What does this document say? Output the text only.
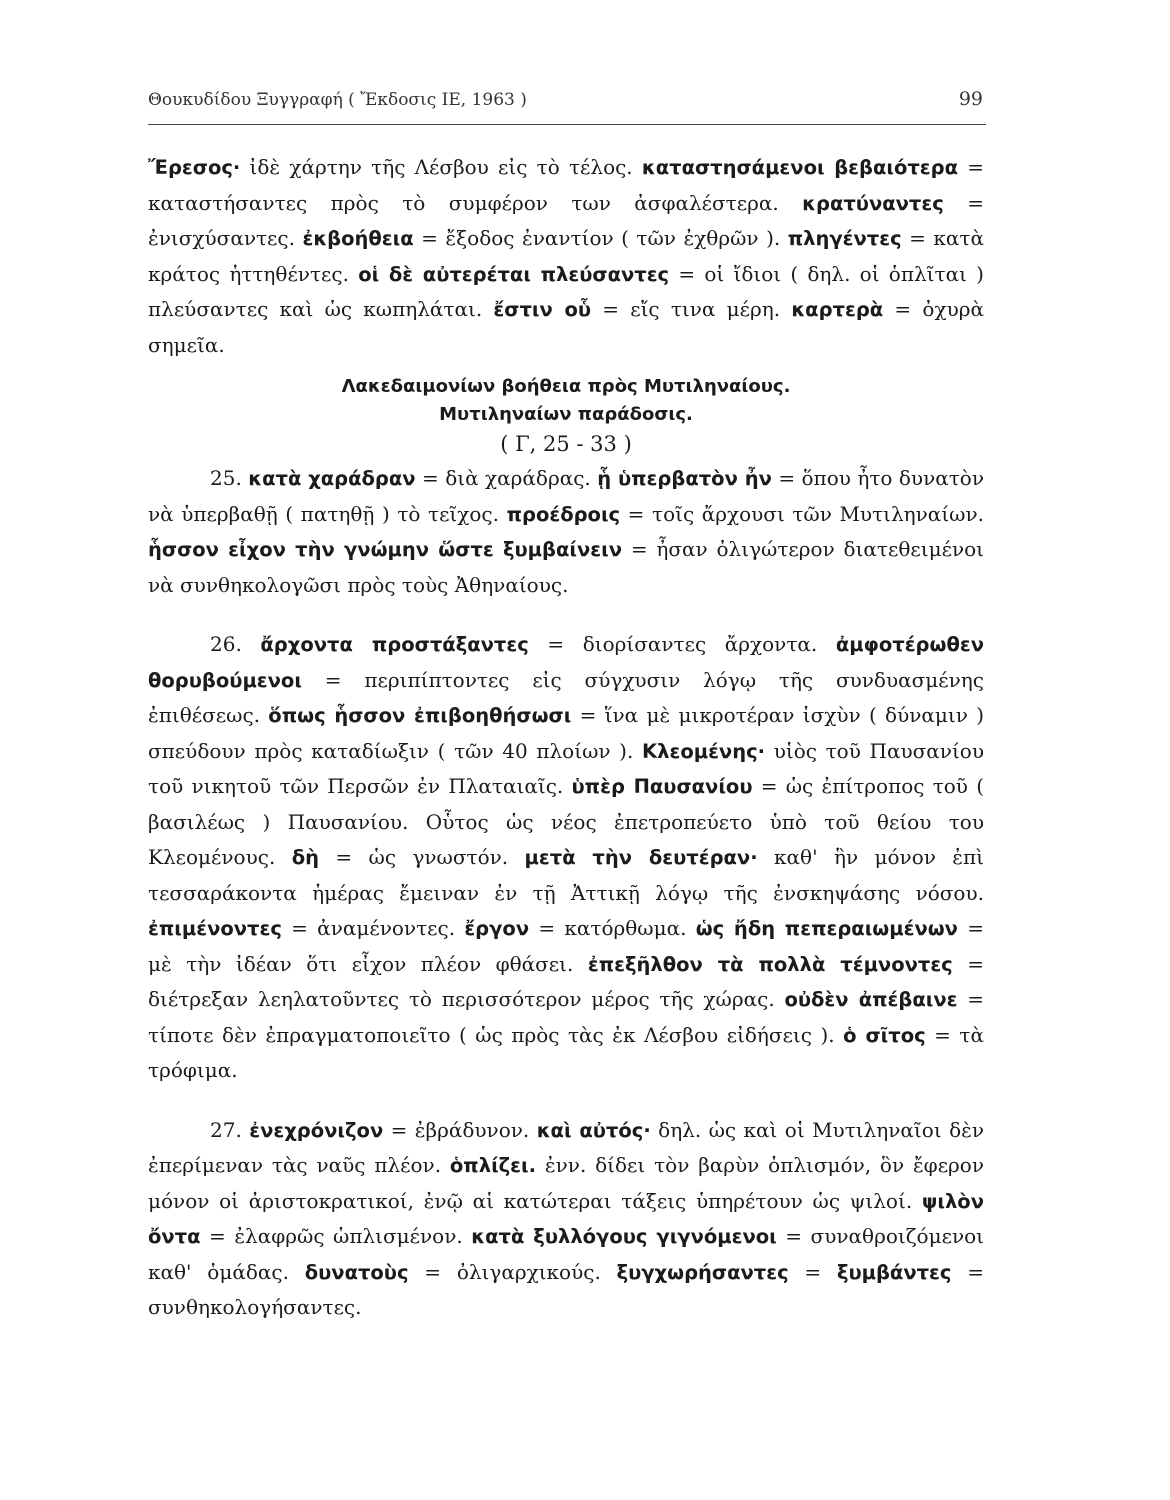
Θουκυδίδου Ξυγγραφή ( Ἔκδοσις ΙΕ, 1963 )	99

Ἔρεσος· ἰδὲ χάρτην τῆς Λέσβου εἰς τὸ τέλος. καταστησάμενοι βεβαιότερα = καταστήσαντες πρὸς τὸ συμφέρον των ἀσφαλέστερα. κρατύναντες = ἐνισχύσαντες. ἐκβοήθεια = ἔξοδος ἐναντίον ( τῶν ἐχθρῶν ). πληγέντες = κατὰ κράτος ἡττηθέντες. οἱ δὲ αὐτερέται πλεύσαντες = οἱ ἴδιοι ( δηλ. οἱ ὁπλῖται ) πλεύσαντες καὶ ὡς κωπηλάται. ἔστιν οὗ = εἴς τινα μέρη. καρτερὰ = ὀχυρὰ σημεῖα.

Λακεδαιμονίων βοήθεια πρὸς Μυτιληναίους.

Μυτιληναίων παράδοσις.

( Γ, 25 - 33 )

25. κατὰ χαράδραν = διὰ χαράδρας. ᾗ ὑπερβατὸν ἦν = ὅπου ἦτο δυνατὸν νὰ ὑπερβαθῇ ( πατηθῇ ) τὸ τεῖχος. προέδροις = τοῖς ἄρχουσι τῶν Μυτιληναίων. ἧσσον εἶχον τὴν γνώμην ὥστε ξυμβαίνειν = ἦσαν ὀλιγώτερον διατεθειμένοι νὰ συνθηκολογῶσι πρὸς τοὺς Ἀθηναίους.

26. ἄρχοντα προστάξαντες = διορίσαντες ἄρχοντα. ἀμφοτέρωθεν θορυβούμενοι = περιπίπτοντες εἰς σύγχυσιν λόγῳ τῆς συνδυασμένης ἐπιθέσεως. ὅπως ἧσσον ἐπιβοηθήσωσι = ἵνα μὲ μικροτέραν ἰσχὺν ( δύναμιν ) σπεύδουν πρὸς καταδίωξιν ( τῶν 40 πλοίων ). Κλεομένης· υἱὸς τοῦ Παυσανίου τοῦ νικητοῦ τῶν Περσῶν ἐν Πλαταιαῖς. ὑπὲρ Παυσανίου = ὡς ἐπίτροπος τοῦ ( βασιλέως ) Παυσανίου. Οὗτος ὡς νέος ἐπετροπεύετο ὑπὸ τοῦ θείου του Κλεομένους. δὴ = ὡς γνωστόν. μετὰ τὴν δευτέραν· καθ' ἣν μόνον ἐπὶ τεσσαράκοντα ἡμέρας ἔμειναν ἐν τῇ Ἀττικῇ λόγῳ τῆς ἐνσκηψάσης νόσου. ἐπιμένοντες = ἀναμένοντες. ἔργον = κατόρθωμα. ὡς ἤδη πεπεραιωμένων = μὲ τὴν ἰδέαν ὅτι εἶχον πλέον φθάσει. ἐπεξῆλθον τὰ πολλὰ τέμνοντες = διέτρεξαν λεηλατοῦντες τὸ περισσότερον μέρος τῆς χώρας. οὐδὲν ἀπέβαινε = τίποτε δὲν ἐπραγματοποιεῖτο ( ὡς πρὸς τὰς ἐκ Λέσβου εἰδήσεις ). ὁ σῖτος = τὰ τρόφιμα.

27. ἐνεχρόνιζον = ἐβράδυνον. καὶ αὐτός· δηλ. ὡς καὶ οἱ Μυτιληναῖοι δὲν ἐπερίμεναν τὰς ναῦς πλέον. ὁπλίζει. ἐνν. δίδει τὸν βαρὺν ὁπλισμόν, ὃν ἔφερον μόνον οἱ ἀριστοκρατικοί, ἐνῷ αἱ κατώτεραι τάξεις ὑπηρέτουν ὡς ψιλοί. ψιλὸν ὄντα = ἐλαφρῶς ὡπλισμένον. κατὰ ξυλλόγους γιγνόμενοι = συναθροιζόμενοι καθ' ὁμάδας. δυνατοὺς = ὀλιγαρχικούς. ξυγχωρήσαντες = ξυμβάντες = συνθηκολογήσαντες.
